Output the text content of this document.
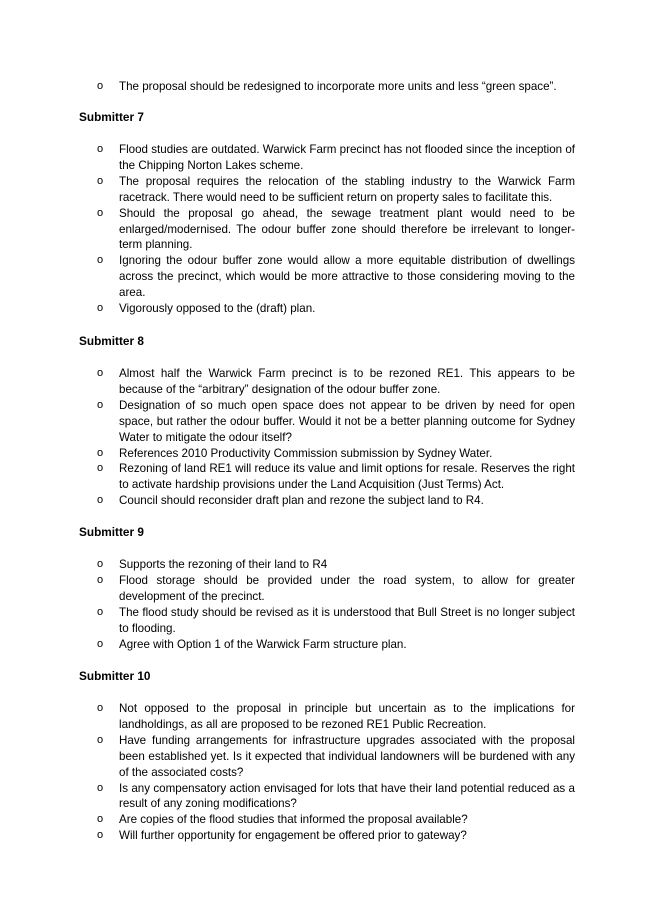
o	The proposal should be redesigned to incorporate more units and less “green space”.
Submitter 7
o	Flood studies are outdated. Warwick Farm precinct has not flooded since the inception of the Chipping Norton Lakes scheme.
o	The proposal requires the relocation of the stabling industry to the Warwick Farm racetrack. There would need to be sufficient return on property sales to facilitate this.
o	Should the proposal go ahead, the sewage treatment plant would need to be enlarged/modernised. The odour buffer zone should therefore be irrelevant to longer-term planning.
o	Ignoring the odour buffer zone would allow a more equitable distribution of dwellings across the precinct, which would be more attractive to those considering moving to the area.
o	Vigorously opposed to the (draft) plan.
Submitter 8
o	Almost half the Warwick Farm precinct is to be rezoned RE1. This appears to be because of the “arbitrary” designation of the odour buffer zone.
o	Designation of so much open space does not appear to be driven by need for open space, but rather the odour buffer. Would it not be a better planning outcome for Sydney Water to mitigate the odour itself?
o	References 2010 Productivity Commission submission by Sydney Water.
o	Rezoning of land RE1 will reduce its value and limit options for resale. Reserves the right to activate hardship provisions under the Land Acquisition (Just Terms) Act.
o	Council should reconsider draft plan and rezone the subject land to R4.
Submitter 9
o	Supports the rezoning of their land to R4
o	Flood storage should be provided under the road system, to allow for greater development of the precinct.
o	The flood study should be revised as it is understood that Bull Street is no longer subject to flooding.
o	Agree with Option 1 of the Warwick Farm structure plan.
Submitter 10
o	Not opposed to the proposal in principle but uncertain as to the implications for landholdings, as all are proposed to be rezoned RE1 Public Recreation.
o	Have funding arrangements for infrastructure upgrades associated with the proposal been established yet. Is it expected that individual landowners will be burdened with any of the associated costs?
o	Is any compensatory action envisaged for lots that have their land potential reduced as a result of any zoning modifications?
o	Are copies of the flood studies that informed the proposal available?
o	Will further opportunity for engagement be offered prior to gateway?
